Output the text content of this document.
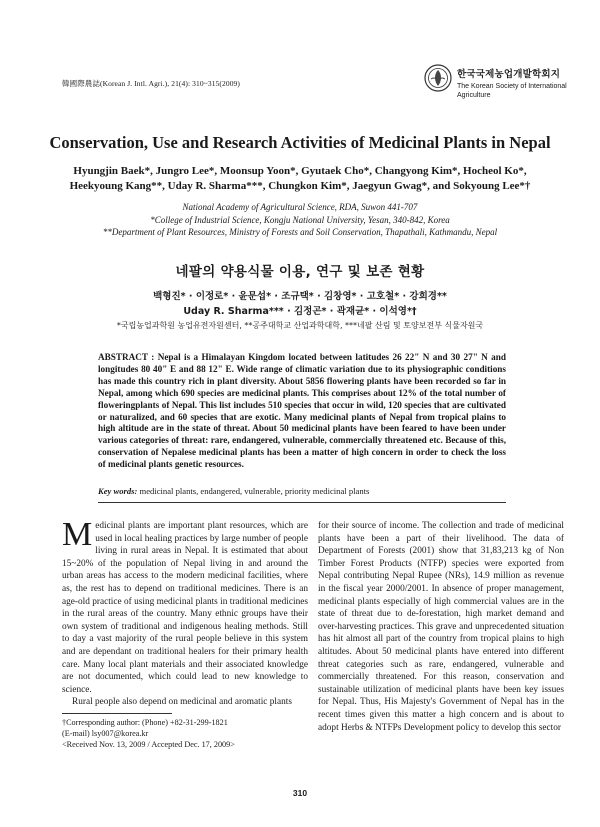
韓國際農誌(Korean J. Intl. Agri.), 21(4): 310~315(2009)
한국국제농업개발학회지
The Korean Society of International
Agriculture
Conservation, Use and Research Activities of Medicinal Plants in Nepal
Hyungjin Baek*, Jungro Lee*, Moonsup Yoon*, Gyutaek Cho*, Changyong Kim*, Hocheol Ko*,
Heekyoung Kang**, Uday R. Sharma***, Chungkon Kim*, Jaegyun Gwag*, and Sokyoung Lee*†
National Academy of Agricultural Science, RDA, Suwon 441-707
*College of Industrial Science, Kongju National University, Yesan, 340-842, Korea
**Department of Plant Resources, Ministry of Forests and Soil Conservation, Thapathali, Kathmandu, Nepal
네팔의 약용식물 이용, 연구 및 보존 현황
백형진* · 이정로* · 윤문섭* · 조규택* · 김창영* · 고호철* · 강희경**
Uday R. Sharma*** · 김정곤* · 곽재균* · 이석영*†
*국립농업과학원 농업유전자원센터, **공주대학교 산업과학대학, ***네팔 산림 및 토양보전부 식물자원국
ABSTRACT : Nepal is a Himalayan Kingdom located between latitudes 26 22" N and 30 27" N and longitudes 80 40" E and 88 12" E. Wide range of climatic variation due to its physiographic conditions has made this country rich in plant diversity. About 5856 flowering plants have been recorded so far in Nepal, among which 690 species are medicinal plants. This comprises about 12% of the total number of floweringplants of Nepal. This list includes 510 species that occur in wild, 120 species that are cultivated or naturalized, and 60 species that are exotic. Many medicinal plants of Nepal from tropical plains to high altitude are in the state of threat. About 50 medicinal plants have been feared to have been under various categories of threat: rare, endangered, vulnerable, commercially threatened etc. Because of this, conservation of Nepalese medicinal plants has been a matter of high concern in order to check the loss of medicinal plants genetic resources.
Key words: medicinal plants, endangered, vulnerable, priority medicinal plants

Medicinal plants are important plant resources, which are used in local healing practices by large number of people living in rural areas in Nepal. It is estimated that about 15~20% of the population of Nepal living in and around the urban areas has access to the modern medicinal facilities, where as, the rest has to depend on traditional medicines. There is an age-old practice of using medicinal plants in traditional medicines in the rural areas of the country. Many ethnic groups have their own system of traditional and indigenous healing methods. Still to day a vast majority of the rural people believe in this system and are dependant on traditional healers for their primary health care. Many local plant materials and their associated knowledge are not documented, which could lead to new knowledge to science.

Rural people also depend on medicinal and aromatic plants

for their source of income. The collection and trade of medicinal plants have been a part of their livelihood. The data of Department of Forests (2001) show that 31,83,213 kg of Non Timber Forest Products (NTFP) species were exported from Nepal contributing Nepal Rupee (NRs), 14.9 million as revenue in the fiscal year 2000/2001. In absence of proper management, medicinal plants especially of high commercial values are in the state of threat due to de-forestation, high market demand and over-harvesting practices. This grave and unprecedented situation has hit almost all part of the country from tropical plains to high altitudes. About 50 medicinal plants have entered into different threat categories such as rare, endangered, vulnerable and commercially threatened. For this reason, conservation and sustainable utilization of medicinal plants have been key issues for Nepal. Thus, His Majesty's Government of Nepal has in the recent times given this matter a high concern and is about to adopt Herbs & NTFPs Development policy to develop this sector

†Corresponding author: (Phone) +82-31-299-1821
(E-mail) lsy007@korea.kr
<Received Nov. 13, 2009 / Accepted Dec. 17, 2009>
310
